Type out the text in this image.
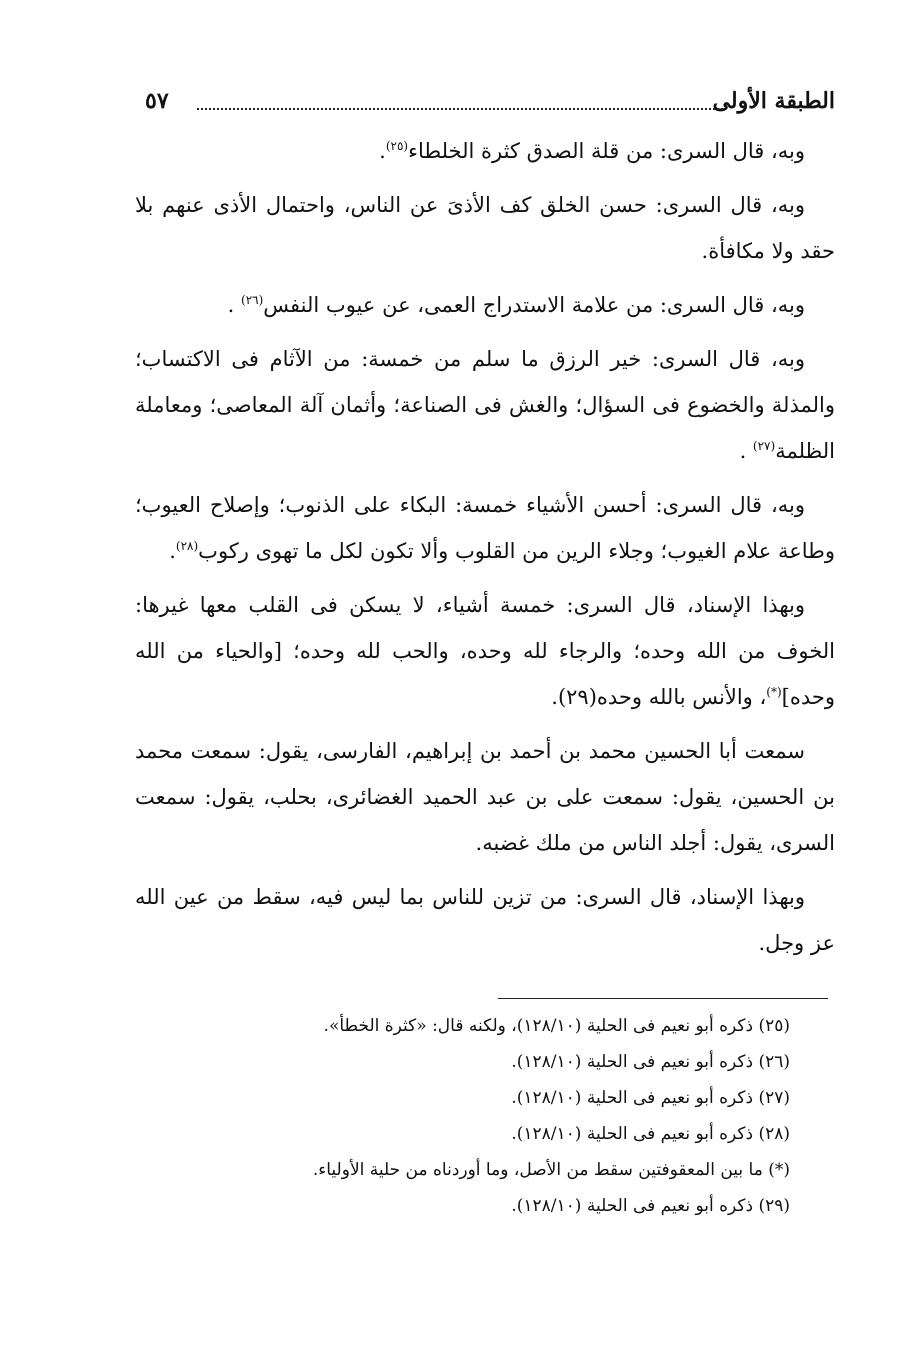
الطبقة الأولى
٥٧

وبه، قال السرى: من قلة الصدق كثرة الخلطاء$^{(٢٥)}$.

وبه، قال السرى: حسن الخلق كف الأذىَ عن الناس، واحتمال الأذى عنهم بلا حقد ولا مكافأة.

وبه، قال السرى: من علامة الاستدراج العمى، عن عيوب النفس$^{(٢٦)}$ .

وبه، قال السرى: خير الرزق ما سلم من خمسة: من الآثام فى الاكتساب؛ والمذلة والخضوع فى السؤال؛ والغش فى الصناعة؛ وأثمان آلة المعاصى؛ ومعاملة الظلمة$^{(٢٧)}$ .

وبه، قال السرى: أحسن الأشياء خمسة: البكاء على الذنوب؛ وإصلاح العيوب؛ وطاعة علام الغيوب؛ وجلاء الرين من القلوب وألا تكون لكل ما تهوى ركوب$^{(٢٨)}$.

وبهذا الإسناد، قال السرى: خمسة أشياء، لا يسكن فى القلب معها غيرها: الخوف من الله وحده؛ والرجاء لله وحده، والحب لله وحده؛ [والحياء من الله وحده](*)، والأنس بالله وحده(٢٩).

سمعت أبا الحسين محمد بن أحمد بن إبراهيم، الفارسى، يقول: سمعت محمد بن الحسين، يقول: سمعت على بن عبد الحميد الغضائرى، بحلب، يقول: سمعت السرى، يقول: أجلد الناس من ملك غضبه.

وبهذا الإسناد، قال السرى: من تزين للناس بما ليس فيه، سقط من عين الله عز وجل.

(٢٥) ذكره أبو نعيم فى الحلية (١٢٨/١٠)، ولكنه قال: «كثرة الخطأ».

(٢٦) ذكره أبو نعيم فى الحلية (١٢٨/١٠).

(٢٧) ذكره أبو نعيم فى الحلية (١٢٨/١٠).

(٢٨) ذكره أبو نعيم فى الحلية (١٢٨/١٠).

(*) ما بين المعقوفتين سقط من الأصل، وما أوردناه من حلية الأولياء.

(٢٩) ذكره أبو نعيم فى الحلية (١٢٨/١٠).
